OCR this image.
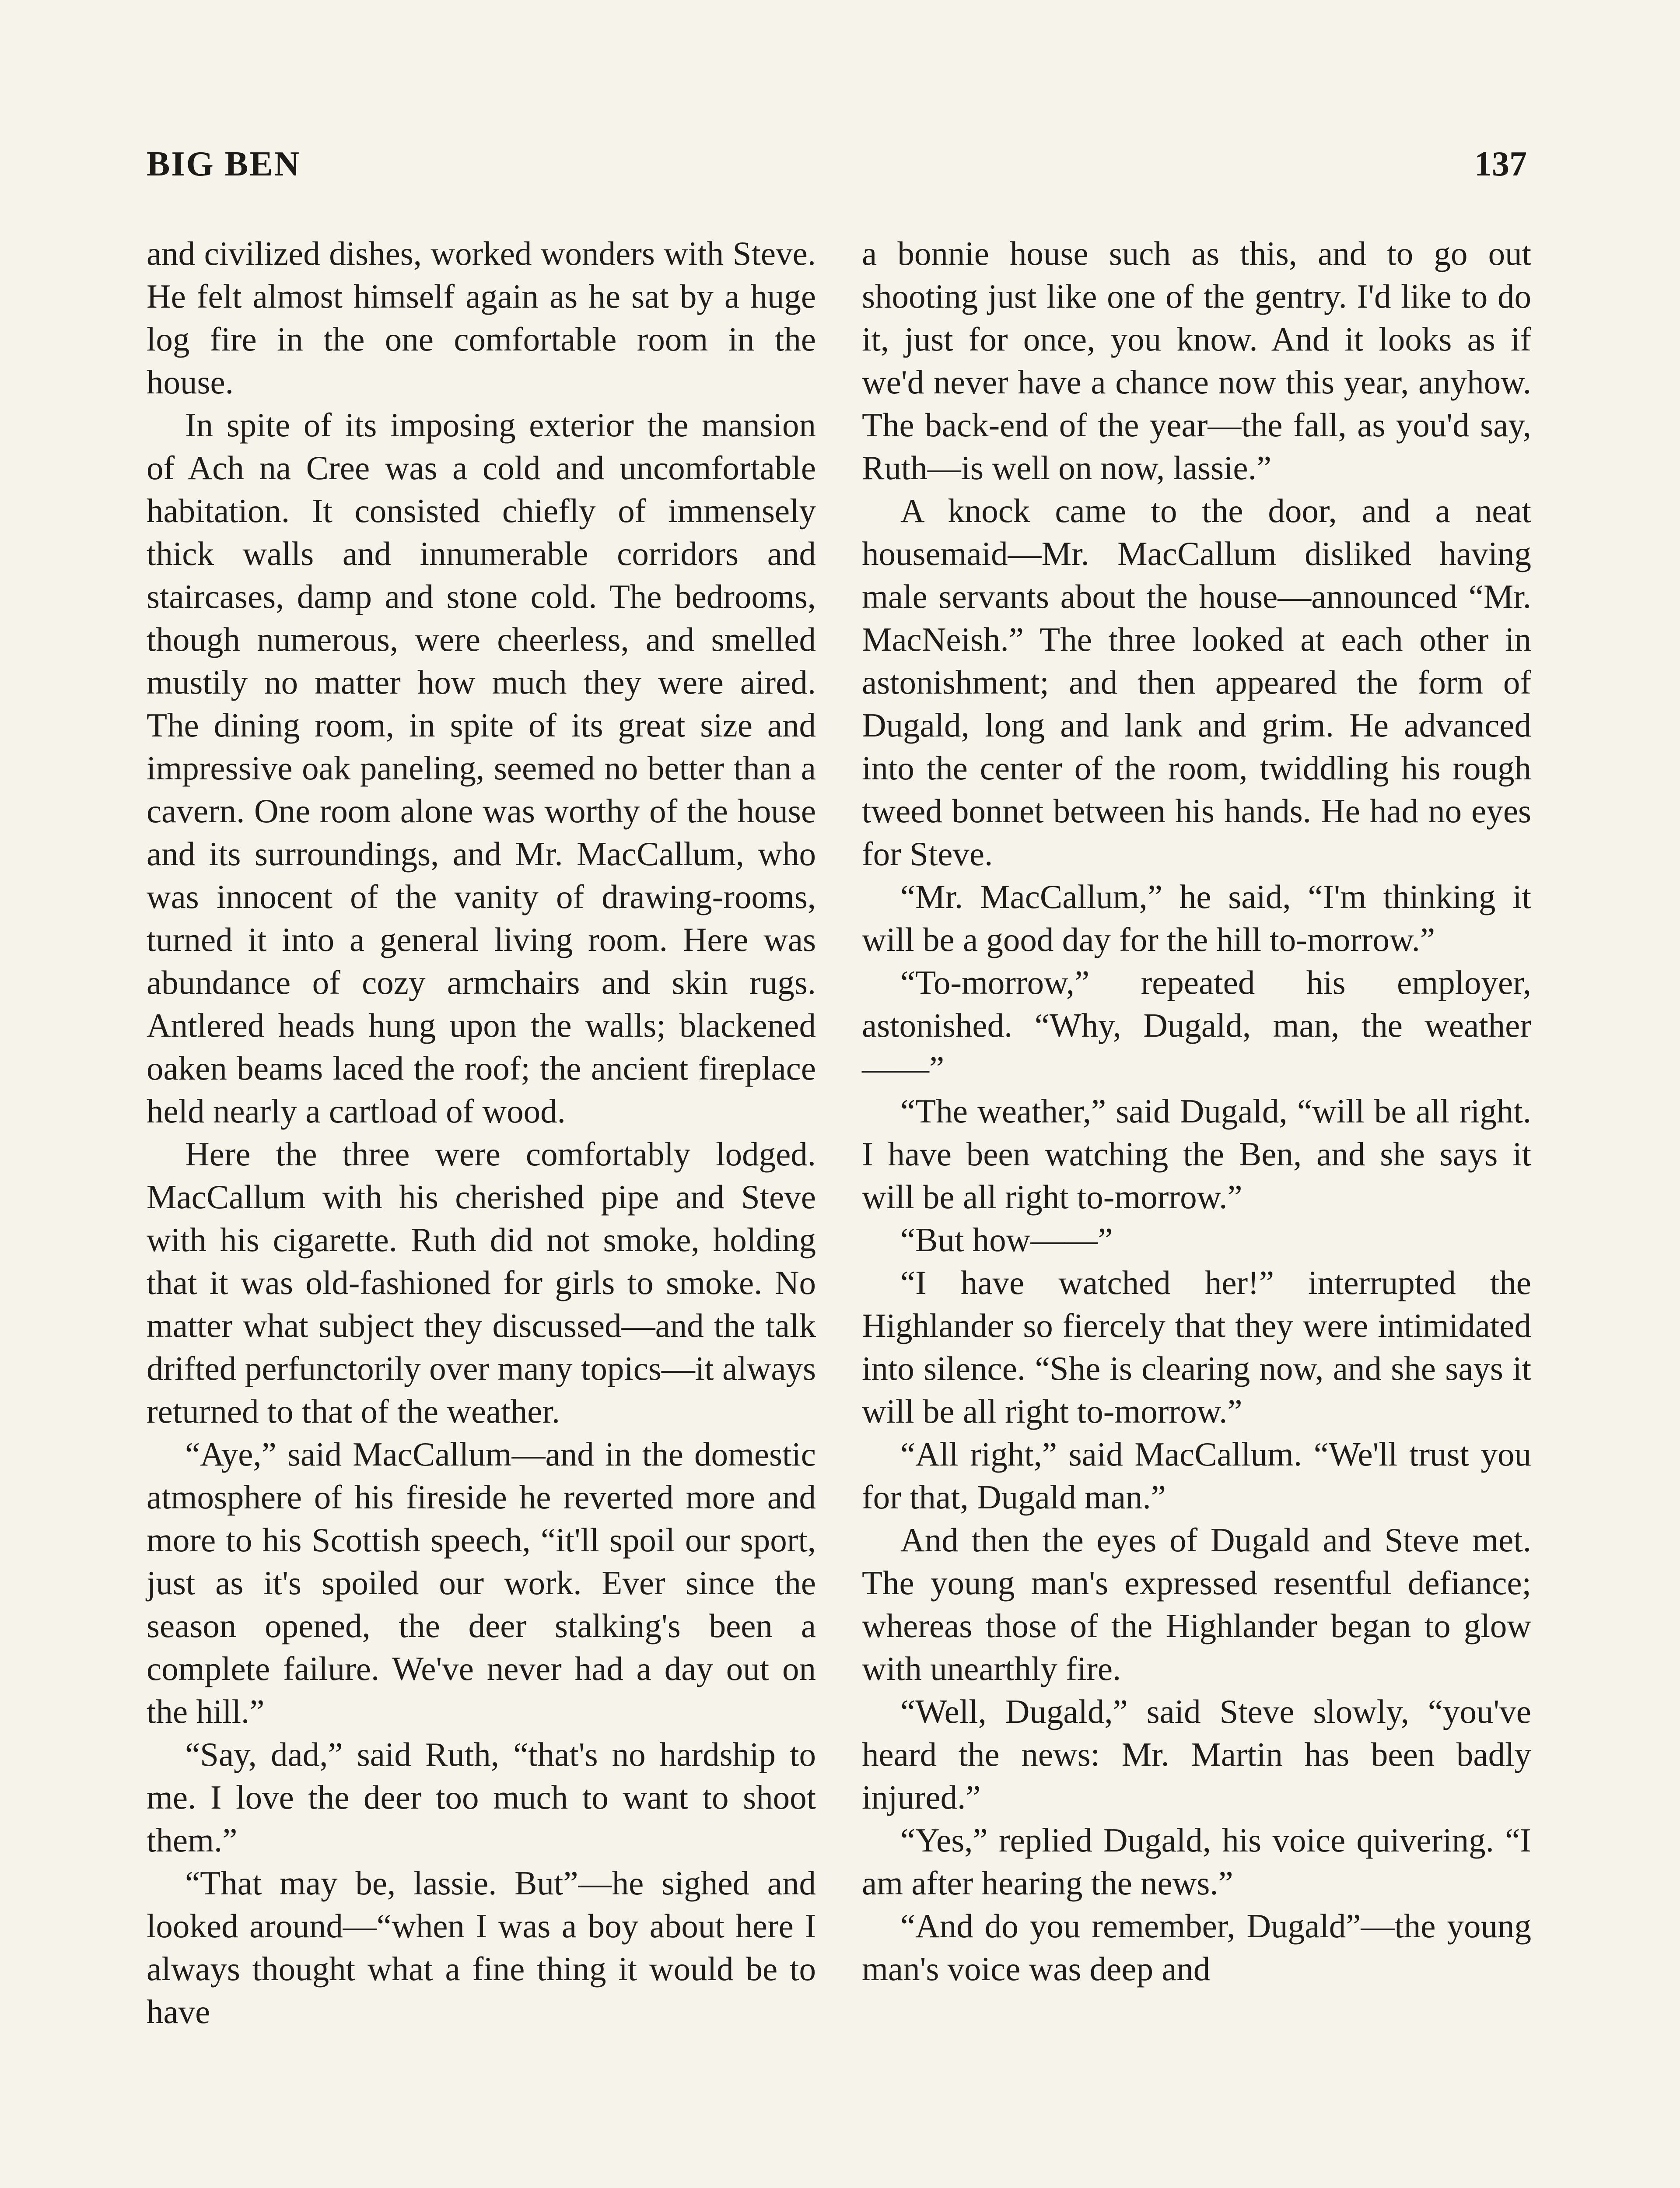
BIG BEN	137

and civilized dishes, worked wonders with Steve. He felt almost himself again as he sat by a huge log fire in the one comfortable room in the house.

In spite of its imposing exterior the mansion of Ach na Cree was a cold and uncomfortable habitation. It consisted chiefly of immensely thick walls and innumerable corridors and staircases, damp and stone cold. The bedrooms, though numerous, were cheerless, and smelled mustily no matter how much they were aired. The dining room, in spite of its great size and impressive oak paneling, seemed no better than a cavern. One room alone was worthy of the house and its surroundings, and Mr. MacCallum, who was innocent of the vanity of drawing-rooms, turned it into a general living room. Here was abundance of cozy armchairs and skin rugs. Antlered heads hung upon the walls; blackened oaken beams laced the roof; the ancient fireplace held nearly a cartload of wood.

Here the three were comfortably lodged. MacCallum with his cherished pipe and Steve with his cigarette. Ruth did not smoke, holding that it was old-fashioned for girls to smoke. No matter what subject they discussed—and the talk drifted perfunctorily over many topics—it always returned to that of the weather.

“Aye,” said MacCallum—and in the domestic atmosphere of his fireside he reverted more and more to his Scottish speech, “it'll spoil our sport, just as it's spoiled our work. Ever since the season opened, the deer stalking's been a complete failure. We've never had a day out on the hill.”

“Say, dad,” said Ruth, “that's no hardship to me. I love the deer too much to want to shoot them.”

“That may be, lassie. But”—he sighed and looked around—“when I was a boy about here I always thought what a fine thing it would be to have

a bonnie house such as this, and to go out shooting just like one of the gentry. I'd like to do it, just for once, you know. And it looks as if we'd never have a chance now this year, anyhow. The back-end of the year—the fall, as you'd say, Ruth—is well on now, lassie.”

A knock came to the door, and a neat housemaid—Mr. MacCallum disliked having male servants about the house—announced “Mr. MacNeish.” The three looked at each other in astonishment; and then appeared the form of Dugald, long and lank and grim. He advanced into the center of the room, twiddling his rough tweed bonnet between his hands. He had no eyes for Steve.

“Mr. MacCallum,” he said, “I'm thinking it will be a good day for the hill to-morrow.”

“To-morrow,” repeated his employer, astonished. “Why, Dugald, man, the weather——”

“The weather,” said Dugald, “will be all right. I have been watching the Ben, and she says it will be all right to-morrow.”

“But how——”

“I have watched her!” interrupted the Highlander so fiercely that they were intimidated into silence. “She is clearing now, and she says it will be all right to-morrow.”

“All right,” said MacCallum. “We'll trust you for that, Dugald man.”

And then the eyes of Dugald and Steve met. The young man's expressed resentful defiance; whereas those of the Highlander began to glow with unearthly fire.

“Well, Dugald,” said Steve slowly, “you've heard the news: Mr. Martin has been badly injured.”

“Yes,” replied Dugald, his voice quivering. “I am after hearing the news.”

“And do you remember, Dugald”—the young man's voice was deep and
